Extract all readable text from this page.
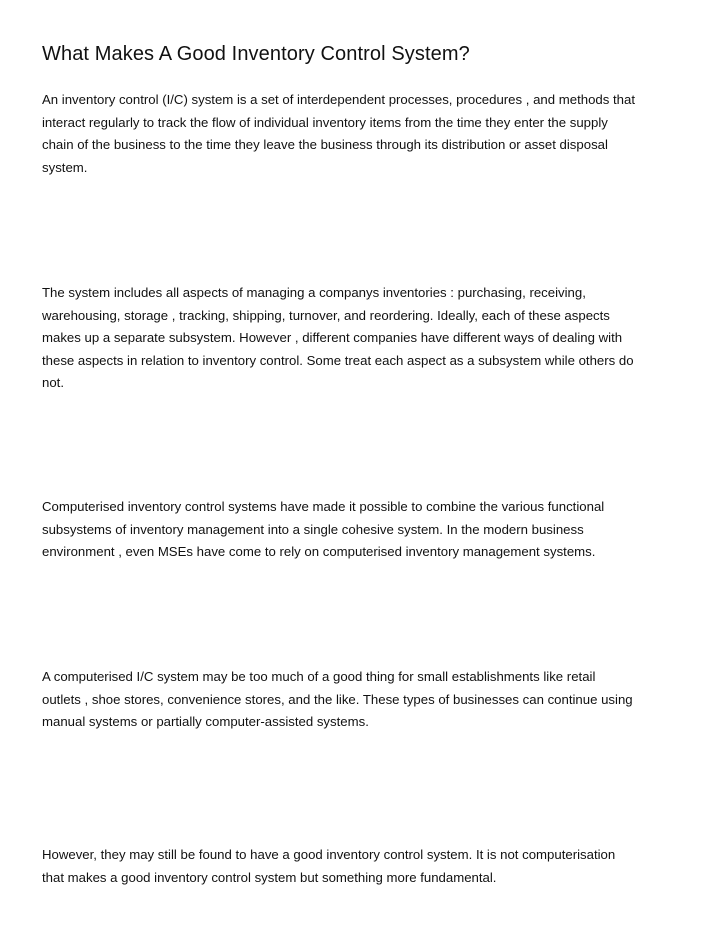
What Makes A Good Inventory Control System?

An inventory control (I/C) system is a set of interdependent processes, procedures , and methods that
interact regularly to track the flow of individual inventory items from the time they enter the supply
chain of the business to the time they leave the business through its distribution or asset disposal
system.

The system includes all aspects of managing a companys inventories : purchasing, receiving,
warehousing, storage , tracking, shipping, turnover, and reordering. Ideally, each of these aspects
makes up a separate subsystem. However , different companies have different ways of dealing with
these aspects in relation to inventory control. Some treat each aspect as a subsystem while others do
not.

Computerised inventory control systems have made it possible to combine the various functional
subsystems of inventory management into a single cohesive system. In the modern business
environment , even MSEs have come to rely on computerised inventory management systems.

A computerised I/C system may be too much of a good thing for small establishments like retail
outlets , shoe stores, convenience stores, and the like. These types of businesses can continue using
manual systems or partially computer-assisted systems.

However, they may still be found to have a good inventory control system. It is not computerisation
that makes a good inventory control system but something more fundamental.
